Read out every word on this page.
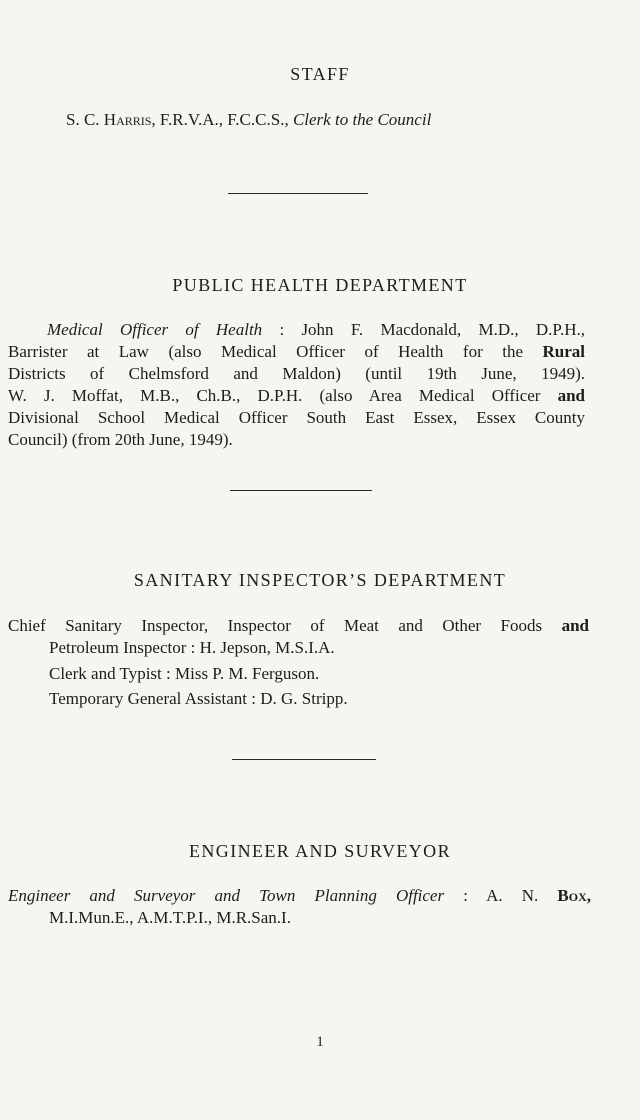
STAFF

S. C. Harris, F.R.V.A., F.C.C.S., Clerk to the Council

PUBLIC HEALTH DEPARTMENT

Medical Officer of Health : John F. Macdonald, M.D., D.P.H.,

Barrister at Law (also Medical Officer of Health for the Rural

Districts of Chelmsford and Maldon) (until 19th June, 1949).

W. J. Moffat, M.B., Ch.B., D.P.H. (also Area Medical Officer and

Divisional School Medical Officer South East Essex, Essex County

Council) (from 20th June, 1949).

SANITARY INSPECTOR’S DEPARTMENT

Chief Sanitary Inspector, Inspector of Meat and Other Foods and

Petroleum Inspector : H. Jepson, M.S.I.A.

Clerk and Typist : Miss P. M. Ferguson.

Temporary General Assistant : D. G. Stripp.

ENGINEER AND SURVEYOR

Engineer and Surveyor and Town Planning Officer : A. N. Box,

M.I.Mun.E., A.M.T.P.I., M.R.San.I.

1
